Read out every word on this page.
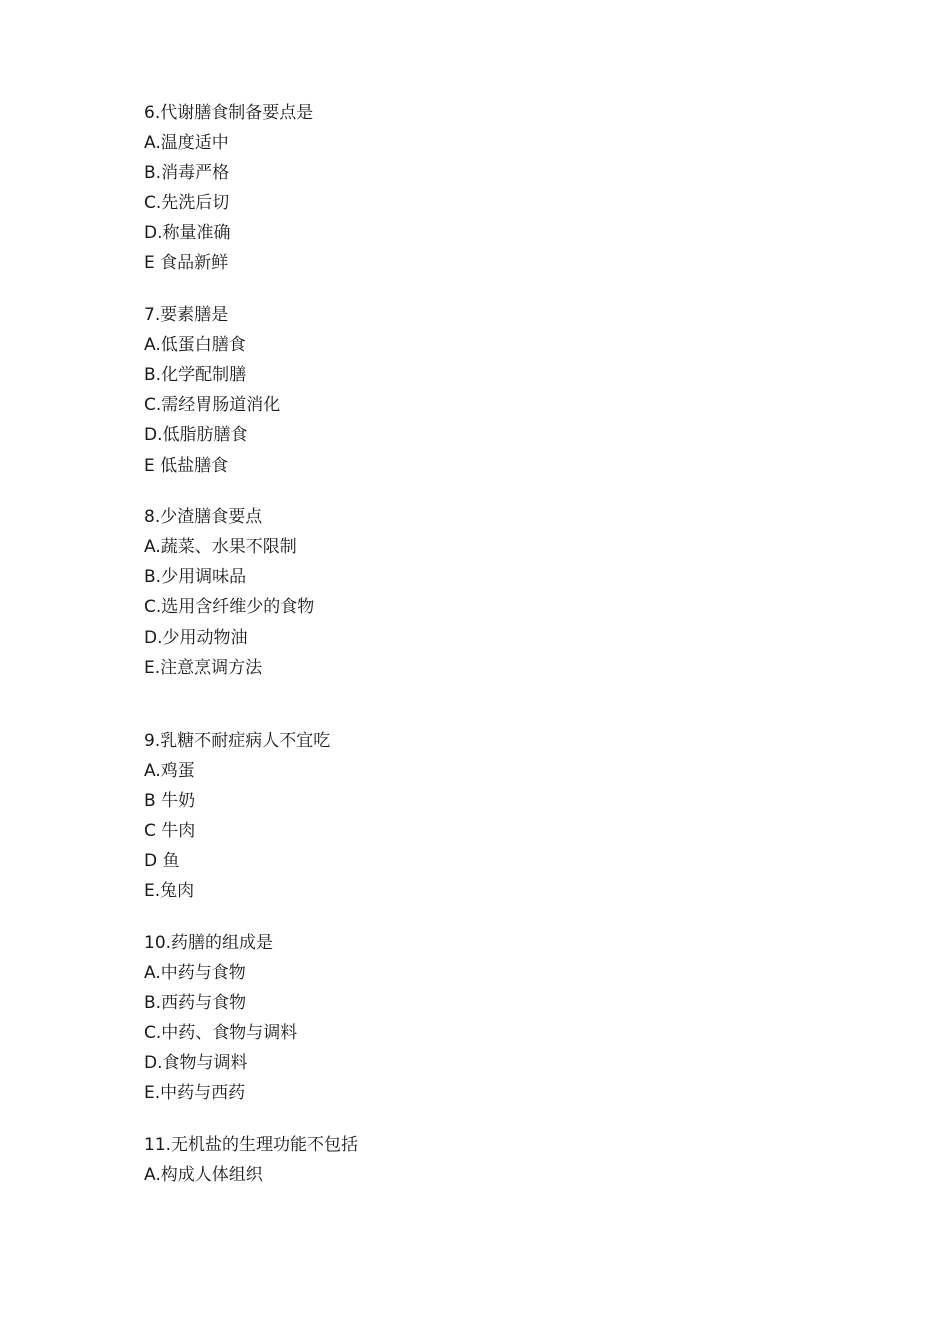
6.代谢膳食制备要点是
A.温度适中
B.消毒严格
C.先洗后切
D.称量准确
E 食品新鲜
7.要素膳是
A.低蛋白膳食
B.化学配制膳
C.需经胃肠道消化
D.低脂肪膳食
E 低盐膳食
8.少渣膳食要点
A.蔬菜、水果不限制
B.少用调味品
C.选用含纤维少的食物
D.少用动物油
E.注意烹调方法
9.乳糖不耐症病人不宜吃
A.鸡蛋
B 牛奶
C 牛肉
D 鱼
E.兔肉
10.药膳的组成是
A.中药与食物
B.西药与食物
C.中药、食物与调料
D.食物与调料
E.中药与西药
11.无机盐的生理功能不包括
A.构成人体组织
